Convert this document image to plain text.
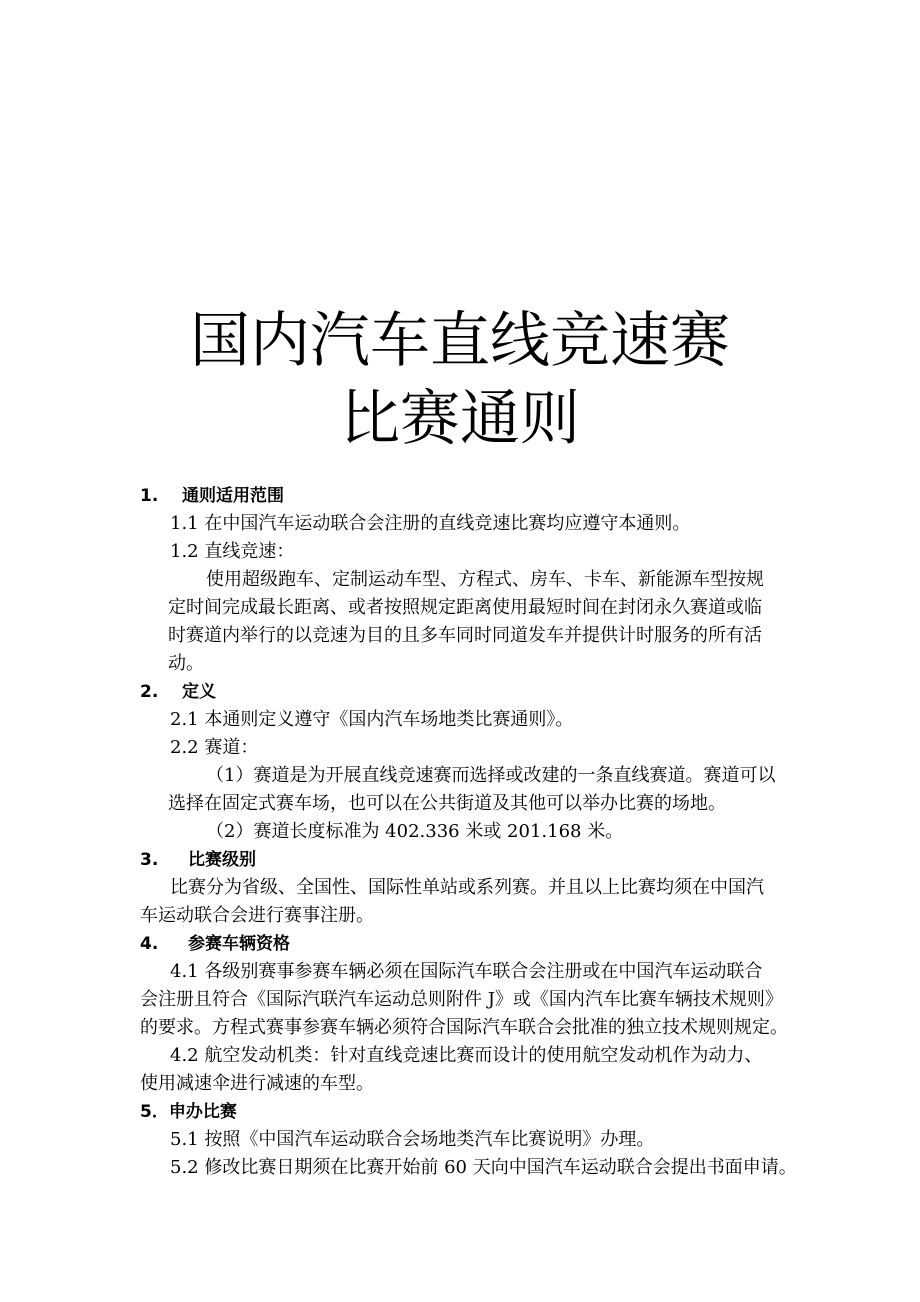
国内汽车直线竞速赛
比赛通则
1. 通则适用范围
1.1 在中国汽车运动联合会注册的直线竞速比赛均应遵守本通则。
1.2 直线竞速：
使用超级跑车、定制运动车型、方程式、房车、卡车、新能源车型按规
定时间完成最长距离、或者按照规定距离使用最短时间在封闭永久赛道或临
时赛道内举行的以竞速为目的且多车同时同道发车并提供计时服务的所有活
动。
2. 定义
2.1 本通则定义遵守《国内汽车场地类比赛通则》。
2.2 赛道：
（1）赛道是为开展直线竞速赛而选择或改建的一条直线赛道。赛道可以
选择在固定式赛车场，也可以在公共街道及其他可以举办比赛的场地。
（2）赛道长度标准为 402.336 米或 201.168 米。
3. 比赛级别
比赛分为省级、全国性、国际性单站或系列赛。并且以上比赛均须在中国汽
车运动联合会进行赛事注册。
4. 参赛车辆资格
4.1 各级别赛事参赛车辆必须在国际汽车联合会注册或在中国汽车运动联合
会注册且符合《国际汽联汽车运动总则附件 J》或《国内汽车比赛车辆技术规则》
的要求。方程式赛事参赛车辆必须符合国际汽车联合会批准的独立技术规则规定。
4.2 航空发动机类：针对直线竞速比赛而设计的使用航空发动机作为动力、
使用减速伞进行减速的车型。
5．申办比赛
5.1 按照《中国汽车运动联合会场地类汽车比赛说明》办理。
5.2 修改比赛日期须在比赛开始前 60 天向中国汽车运动联合会提出书面申请。
